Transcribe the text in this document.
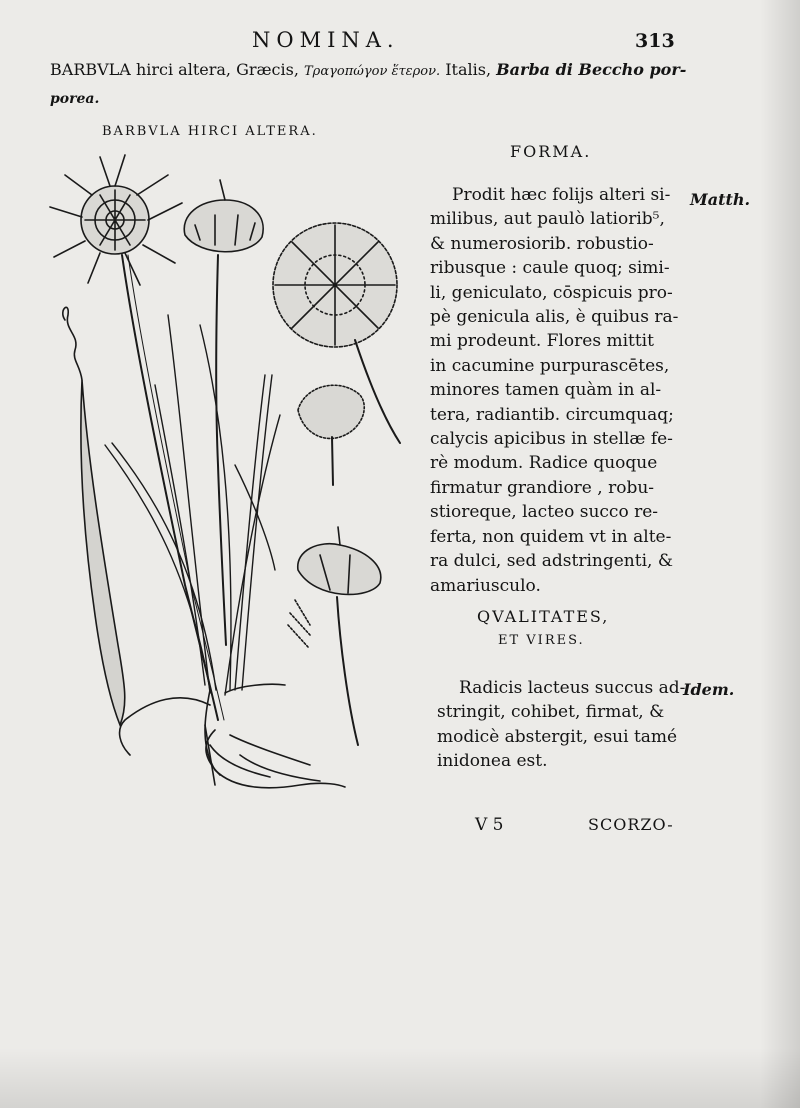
NOMINA.	313
BARBVLA hirci altera, Græcis, Τραγοπώγον ἕτερον. Italis, Barba di Beccho por-
porea.
BARBVLA HIRCI ALTERA.
FORMA.
Prodit hæc folijs alteri si-
milibus, aut paulò latiorib⁵,
& numerosiorib. robustio-
ribusque : caule quoq; simi-
li, geniculato, cōspicuis pro-
pè genicula alis, è quibus ra-
mi prodeunt. Flores mittit
in cacumine purpurascētes,
minores tamen quàm in al-
tera, radiantib. circumquaq;
calycis apicibus in stellæ fe-
rè modum. Radice quoque
firmatur grandiore , robu-
stioreque, lacteo succo re-
ferta, non quidem vt in alte-
ra dulci, sed adstringenti, &
amariusculo.
Matth.
QVALITATES,
ET VIRES.
Radicis lacteus succus ad-
stringit, cohibet, firmat, &
modicè abstergit, esui tamé
inidonea est.
Idem.
V 5	SCORZO-
